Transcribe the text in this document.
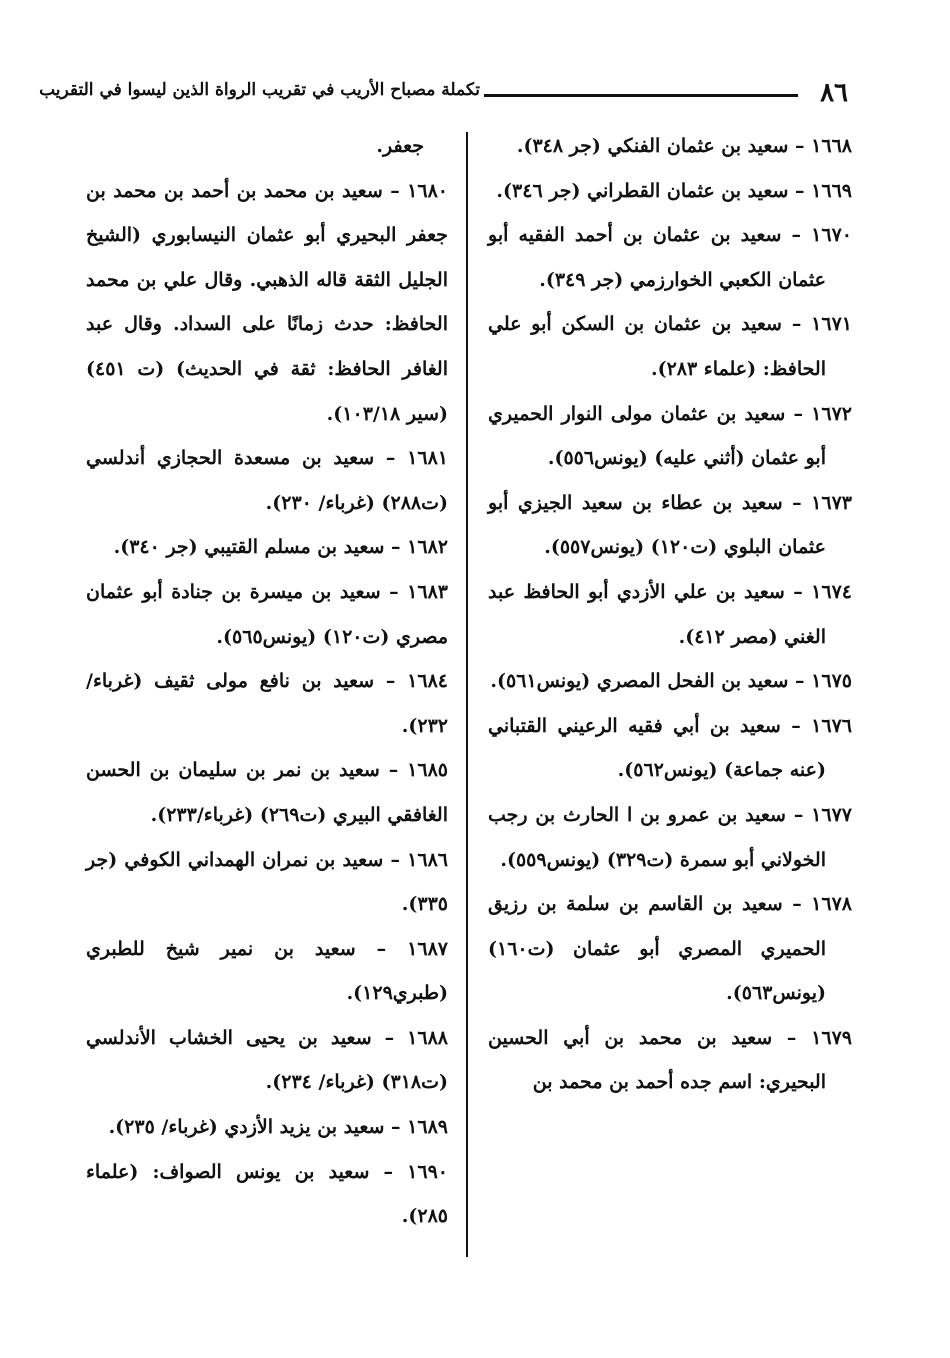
٨٦
تكملة مصباح الأريب في تقريب الرواة الذين ليسوا في التقريب

١٦٦٨ – سعيد بن عثمان الفنكي (جر ٣٤٨).

١٦٦٩ – سعيد بن عثمان القطراني (جر ٣٤٦).

١٦٧٠ – سعيد بن عثمان بن أحمد الفقيه أبو عثمان الكعبي الخوارزمي (جر ٣٤٩).

١٦٧١ – سعيد بن عثمان بن السكن أبو علي الحافظ: (علماء ٢٨٣).

١٦٧٢ – سعيد بن عثمان مولى النوار الحميري أبو عثمان (أثني عليه) (يونس٥٥٦).

١٦٧٣ – سعيد بن عطاء بن سعيد الجيزي أبو عثمان البلوي (ت١٢٠) (يونس٥٥٧).

١٦٧٤ – سعيد بن علي الأزدي أبو الحافظ عبد الغني (مصر ٤١٢).

١٦٧٥ – سعيد بن الفحل المصري (يونس٥٦١).

١٦٧٦ – سعيد بن أبي فقيه الرعيني القتباني (عنه جماعة) (يونس٥٦٢).

١٦٧٧ – سعيد بن عمرو بن ا الحارث بن رجب الخولاني أبو سمرة (ت٣٢٩) (يونس٥٥٩).

١٦٧٨ – سعيد بن القاسم بن سلمة بن رزيق الحميري المصري أبو عثمان (ت١٦٠) (يونس٥٦٣).

١٦٧٩ – سعيد بن محمد بن أبي الحسين البحيري: اسم جده أحمد بن محمد بن

جعفر.

١٦٨٠ – سعيد بن محمد بن أحمد بن محمد بن جعفر البحيري أبو عثمان النيسابوري (الشيخ الجليل الثقة قاله الذهبي. وقال علي بن محمد الحافظ: حدث زمانًا على السداد. وقال عبد الغافر الحافظ: ثقة في الحديث) (ت ٤٥١) (سير ١٠٣/١٨).

١٦٨١ – سعيد بن مسعدة الحجازي أندلسي (ت٢٨٨) (غرباء/ ٢٣٠).

١٦٨٢ – سعيد بن مسلم القتيبي (جر ٣٤٠).

١٦٨٣ – سعيد بن ميسرة بن جنادة أبو عثمان مصري (ت١٢٠) (يونس٥٦٥).

١٦٨٤ – سعيد بن نافع مولى ثقيف (غرباء/ ٢٣٢).

١٦٨٥ – سعيد بن نمر بن سليمان بن الحسن الغافقي البيري (ت٢٦٩) (غرباء/٢٣٣).

١٦٨٦ – سعيد بن نمران الهمداني الكوفي (جر ٣٣٥).

١٦٨٧ – سعيد بن نمير شيخ للطبري (طبري١٢٩).

١٦٨٨ – سعيد بن يحيى الخشاب الأندلسي (ت٣١٨) (غرباء/ ٢٣٤).

١٦٨٩ – سعيد بن يزيد الأزدي (غرباء/ ٢٣٥).

١٦٩٠ – سعيد بن يونس الصواف: (علماء ٢٨٥).
